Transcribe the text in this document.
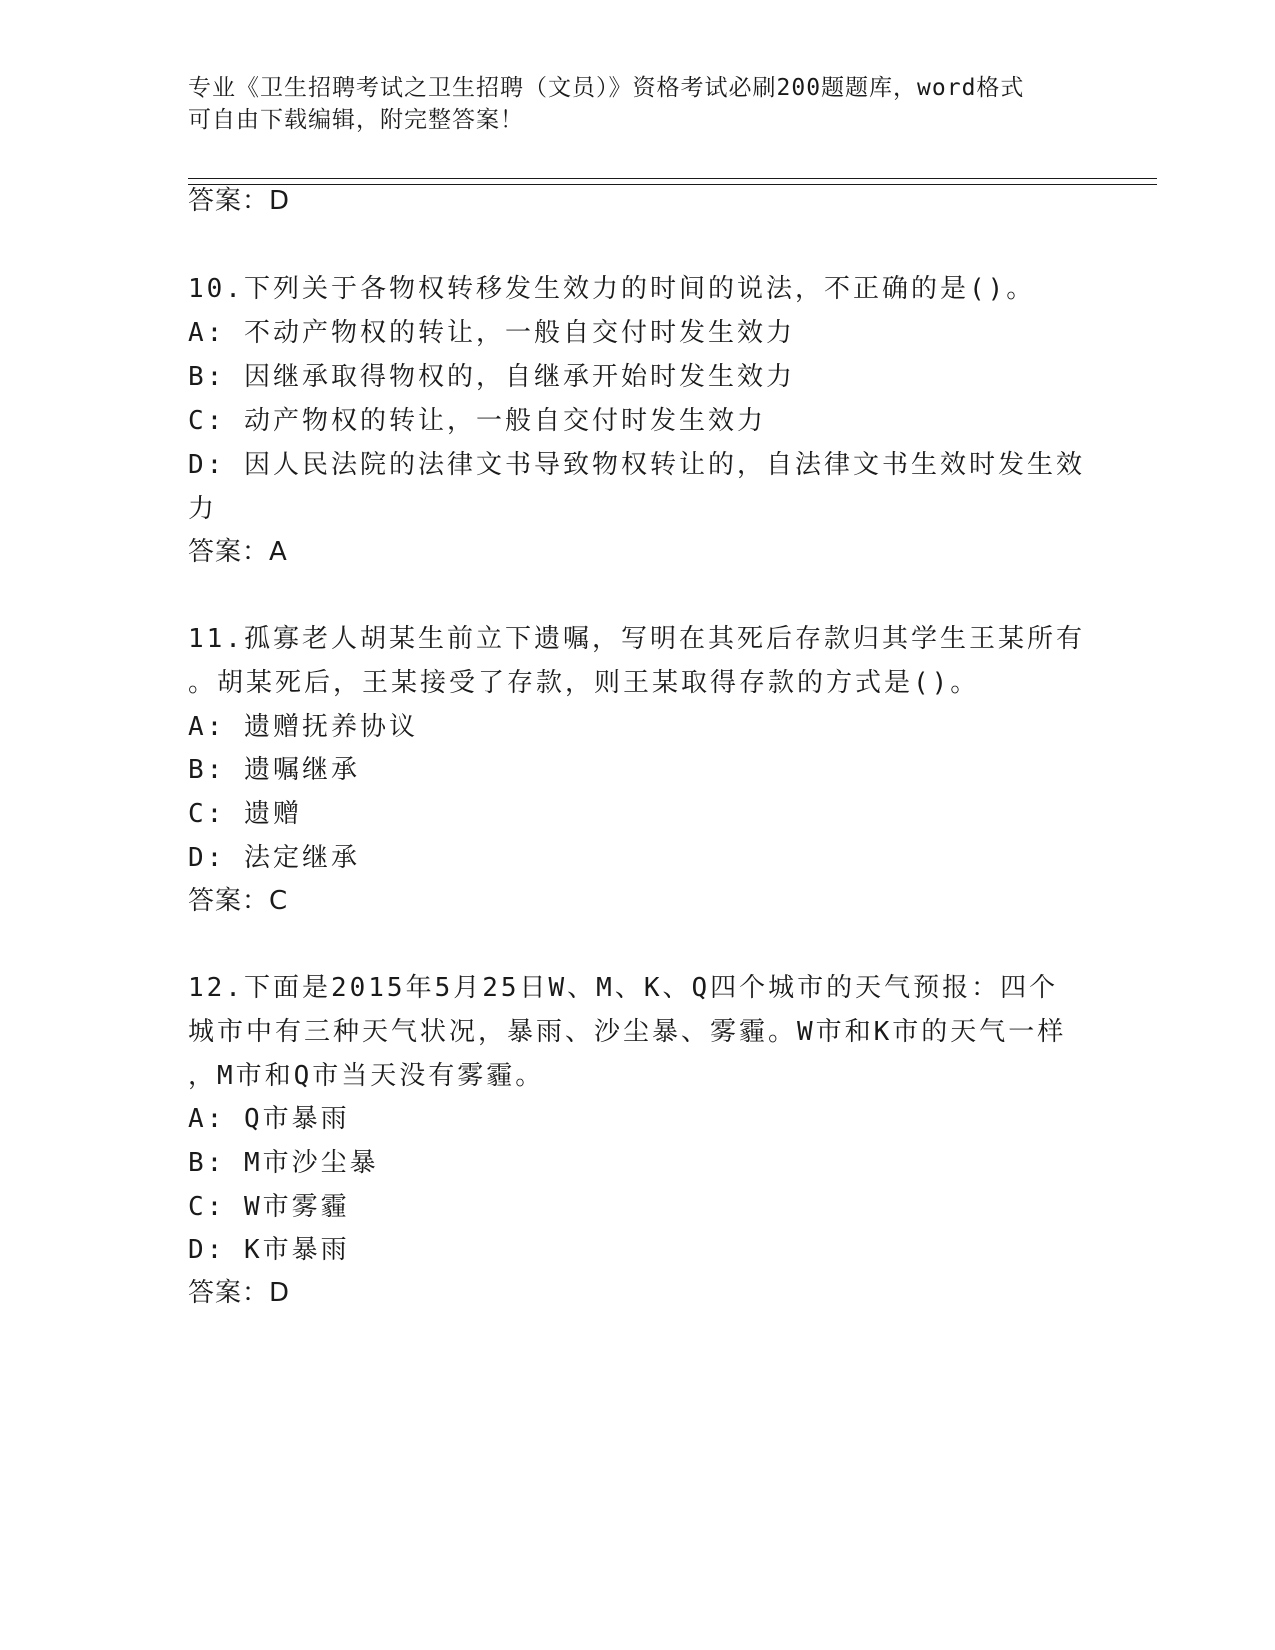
专业《卫生招聘考试之卫生招聘（文员）》资格考试必刷200题题库，word格式
可自由下载编辑，附完整答案！
答案：D
10.下列关于各物权转移发生效力的时间的说法，不正确的是()。
A: 不动产物权的转让，一般自交付时发生效力
B: 因继承取得物权的，自继承开始时发生效力
C: 动产物权的转让，一般自交付时发生效力
D: 因人民法院的法律文书导致物权转让的，自法律文书生效时发生效
力
答案：A
11.孤寡老人胡某生前立下遗嘱，写明在其死后存款归其学生王某所有
。胡某死后，王某接受了存款，则王某取得存款的方式是()。
A: 遗赠抚养协议
B: 遗嘱继承
C: 遗赠
D: 法定继承
答案：C
12.下面是2015年5月25日W、M、K、Q四个城市的天气预报：四个
城市中有三种天气状况，暴雨、沙尘暴、雾霾。W市和K市的天气一样
，M市和Q市当天没有雾霾。
A: Q市暴雨
B: M市沙尘暴
C: W市雾霾
D: K市暴雨
答案：D
